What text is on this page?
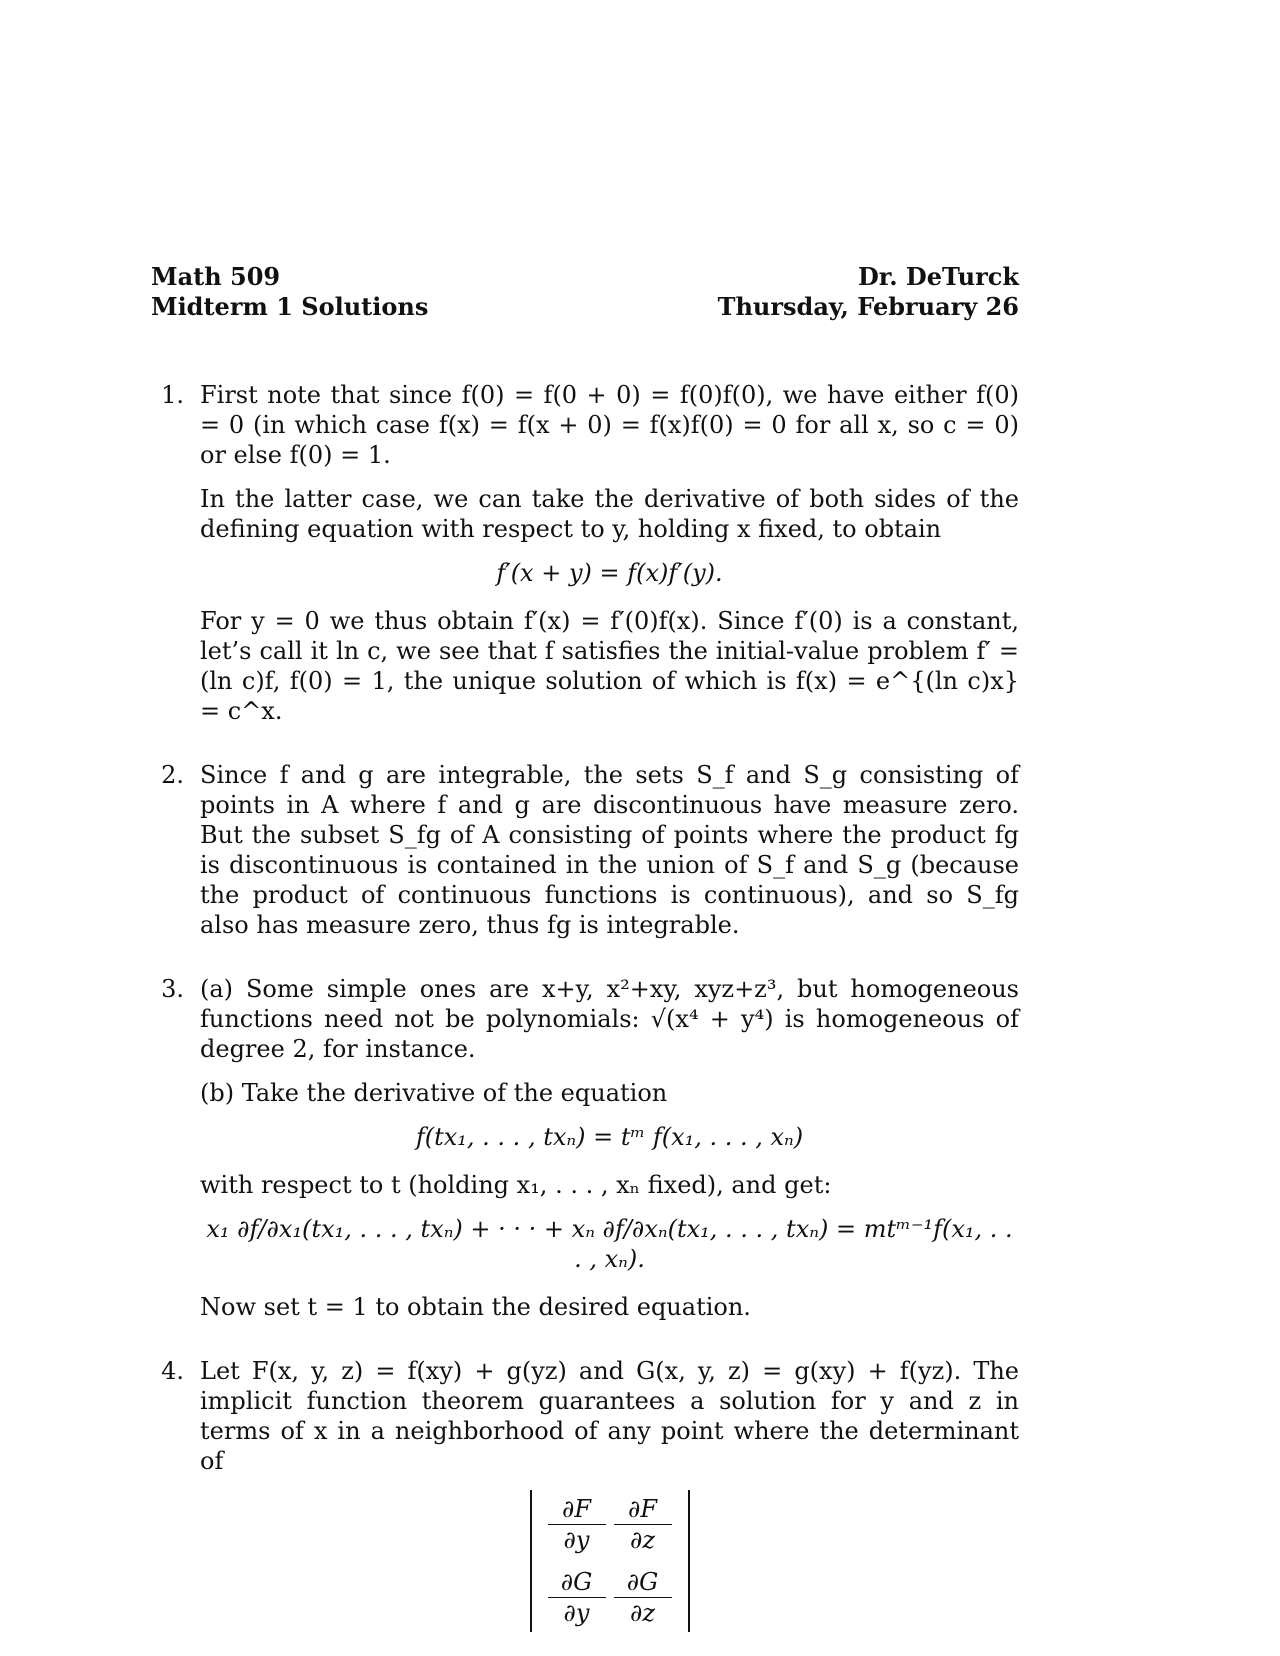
Math 509
Midterm 1 Solutions
Dr. DeTurck
Thursday, February 26
1. First note that since f(0) = f(0 + 0) = f(0)f(0), we have either f(0) = 0 (in which case f(x) = f(x + 0) = f(x)f(0) = 0 for all x, so c = 0) or else f(0) = 1.

In the latter case, we can take the derivative of both sides of the defining equation with respect to y, holding x fixed, to obtain

f′(x + y) = f(x)f′(y).

For y = 0 we thus obtain f′(x) = f′(0)f(x). Since f′(0) is a constant, let’s call it ln c, we see that f satisfies the initial-value problem f′ = (ln c)f, f(0) = 1, the unique solution of which is f(x) = e^{(ln c)x} = c^x.

2. Since f and g are integrable, the sets S_f and S_g consisting of points in A where f and g are discontinuous have measure zero. But the subset S_fg of A consisting of points where the product fg is discontinuous is contained in the union of S_f and S_g (because the product of continuous functions is continuous), and so S_fg also has measure zero, thus fg is integrable.

3. (a) Some simple ones are x+y, x²+xy, xyz+z³, but homogeneous functions need not be polynomials: √(x⁴ + y⁴) is homogeneous of degree 2, for instance.

(b) Take the derivative of the equation

f(tx₁, . . . , txₙ) = tᵐ f(x₁, . . . , xₙ)

with respect to t (holding x₁, . . . , xₙ fixed), and get:

x₁ ∂f/∂x₁(tx₁, . . . , txₙ) + · · · + xₙ ∂f/∂xₙ(tx₁, . . . , txₙ) = mtᵐ⁻¹f(x₁, . . . , xₙ).

Now set t = 1 to obtain the desired equation.

4. Let F(x, y, z) = f(xy) + g(yz) and G(x, y, z) = g(xy) + f(yz). The implicit function theorem guarantees a solution for y and z in terms of x in a neighborhood of any point where the determinant of

$\frac{\partial F}{\partial y} \frac{\partial F}{\partial z}$
$\frac{\partial G}{\partial y} \frac{\partial G}{\partial z}$
